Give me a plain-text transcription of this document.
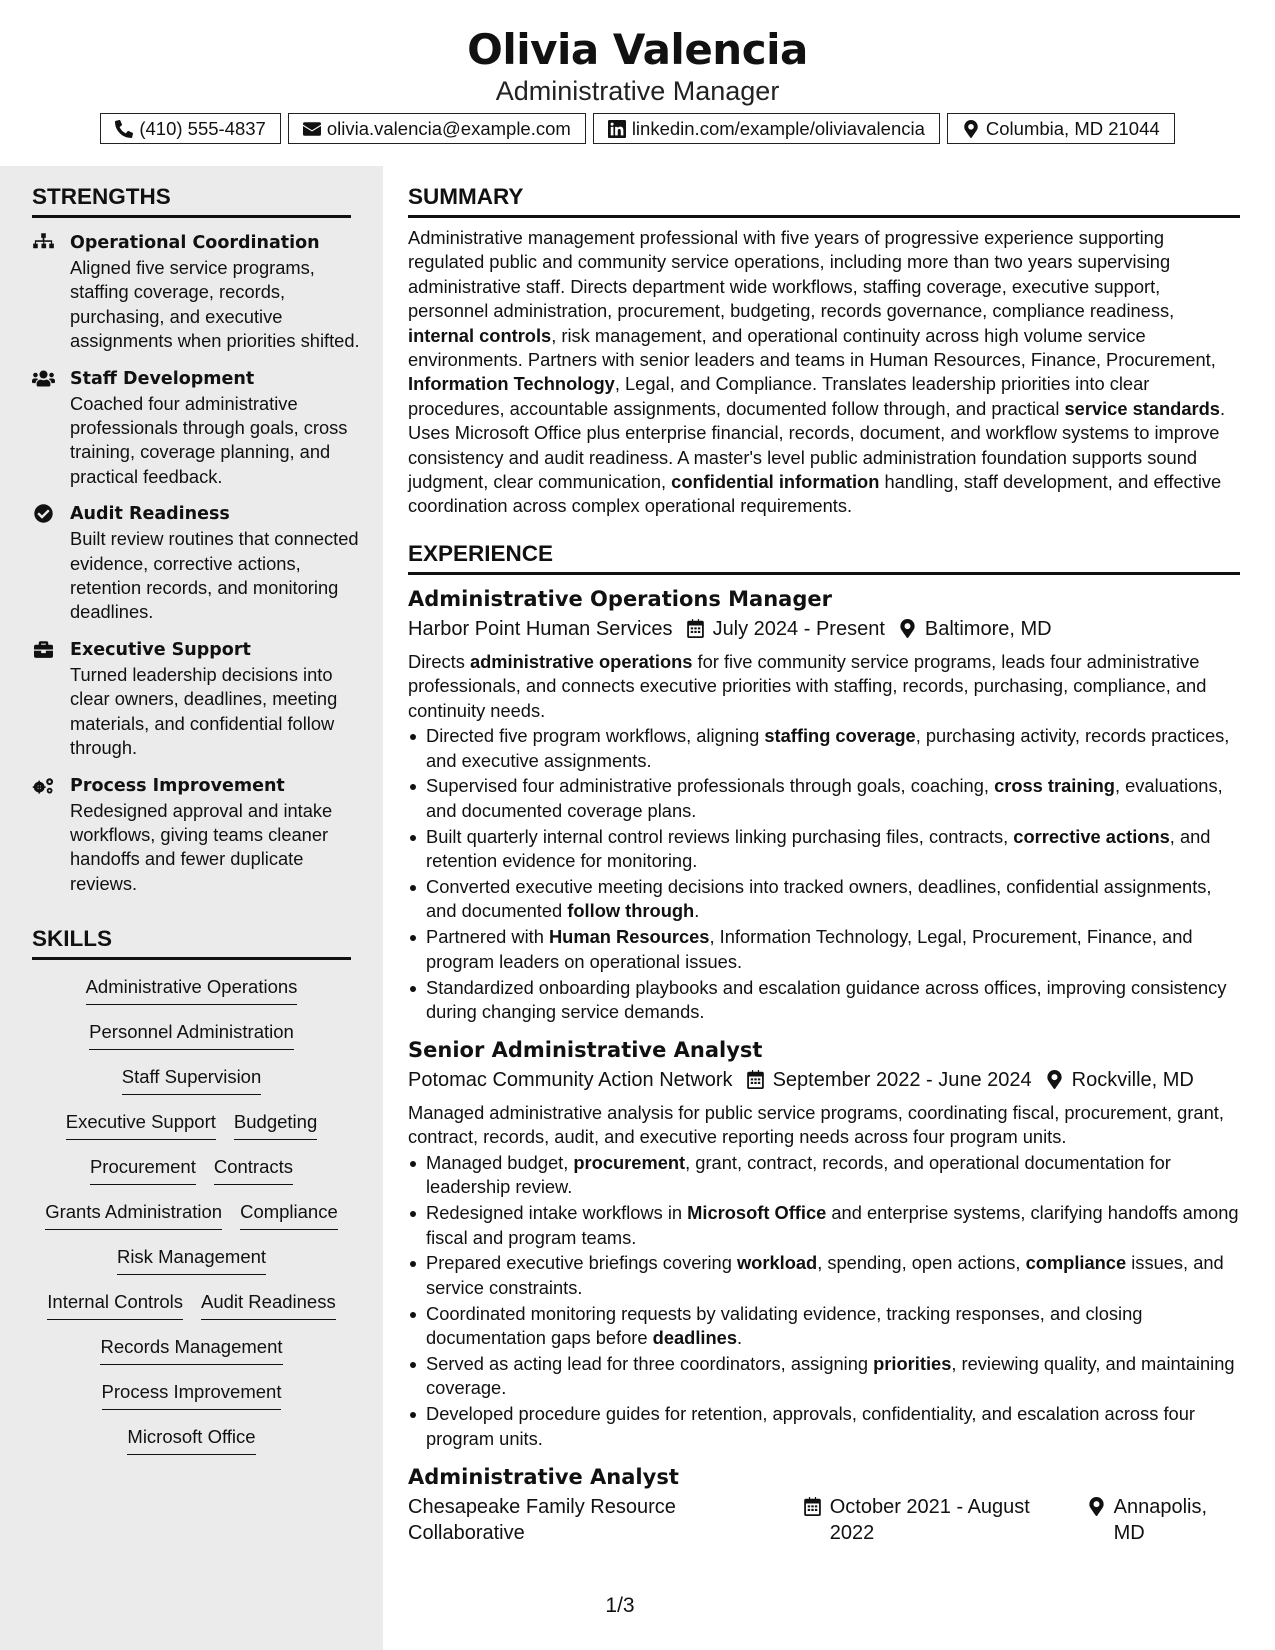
Olivia Valencia
Administrative Manager
(410) 555-4837	olivia.valencia@example.com	linkedin.com/example/oliviavalencia	Columbia, MD 21044
STRENGTHS
Operational Coordination
Aligned five service programs, staffing coverage, records, purchasing, and executive assignments when priorities shifted.
Staff Development
Coached four administrative professionals through goals, cross training, coverage planning, and practical feedback.
Audit Readiness
Built review routines that connected evidence, corrective actions, retention records, and monitoring deadlines.
Executive Support
Turned leadership decisions into clear owners, deadlines, meeting materials, and confidential follow through.
Process Improvement
Redesigned approval and intake workflows, giving teams cleaner handoffs and fewer duplicate reviews.
SKILLS
Administrative Operations
Personnel Administration
Staff Supervision
Executive Support Budgeting
Procurement Contracts
Grants Administration Compliance
Risk Management
Internal Controls Audit Readiness
Records Management
Process Improvement
Microsoft Office
SUMMARY
Administrative management professional with five years of progressive experience supporting regulated public and community service operations, including more than two years supervising administrative staff. Directs department wide workflows, staffing coverage, executive support, personnel administration, procurement, budgeting, records governance, compliance readiness, internal controls, risk management, and operational continuity across high volume service environments. Partners with senior leaders and teams in Human Resources, Finance, Procurement, Information Technology, Legal, and Compliance. Translates leadership priorities into clear procedures, accountable assignments, documented follow through, and practical service standards. Uses Microsoft Office plus enterprise financial, records, document, and workflow systems to improve consistency and audit readiness. A master's level public administration foundation supports sound judgment, clear communication, confidential information handling, staff development, and effective coordination across complex operational requirements.
EXPERIENCE
Administrative Operations Manager
Harbor Point Human Services July 2024 - Present Baltimore, MD
Directs administrative operations for five community service programs, leads four administrative professionals, and connects executive priorities with staffing, records, purchasing, compliance, and continuity needs.
Directed five program workflows, aligning staffing coverage, purchasing activity, records practices, and executive assignments.
Supervised four administrative professionals through goals, coaching, cross training, evaluations, and documented coverage plans.
Built quarterly internal control reviews linking purchasing files, contracts, corrective actions, and retention evidence for monitoring.
Converted executive meeting decisions into tracked owners, deadlines, confidential assignments, and documented follow through.
Partnered with Human Resources, Information Technology, Legal, Procurement, Finance, and program leaders on operational issues.
Standardized onboarding playbooks and escalation guidance across offices, improving consistency during changing service demands.
Senior Administrative Analyst
Potomac Community Action Network September 2022 - June 2024 Rockville, MD
Managed administrative analysis for public service programs, coordinating fiscal, procurement, grant, contract, records, audit, and executive reporting needs across four program units.
Managed budget, procurement, grant, contract, records, and operational documentation for leadership review.
Redesigned intake workflows in Microsoft Office and enterprise systems, clarifying handoffs among fiscal and program teams.
Prepared executive briefings covering workload, spending, open actions, compliance issues, and service constraints.
Coordinated monitoring requests by validating evidence, tracking responses, and closing documentation gaps before deadlines.
Served as acting lead for three coordinators, assigning priorities, reviewing quality, and maintaining coverage.
Developed procedure guides for retention, approvals, confidentiality, and escalation across four program units.
Administrative Analyst
Chesapeake Family Resource Collaborative
October 2021 - August 2022
Annapolis, MD
1/3
